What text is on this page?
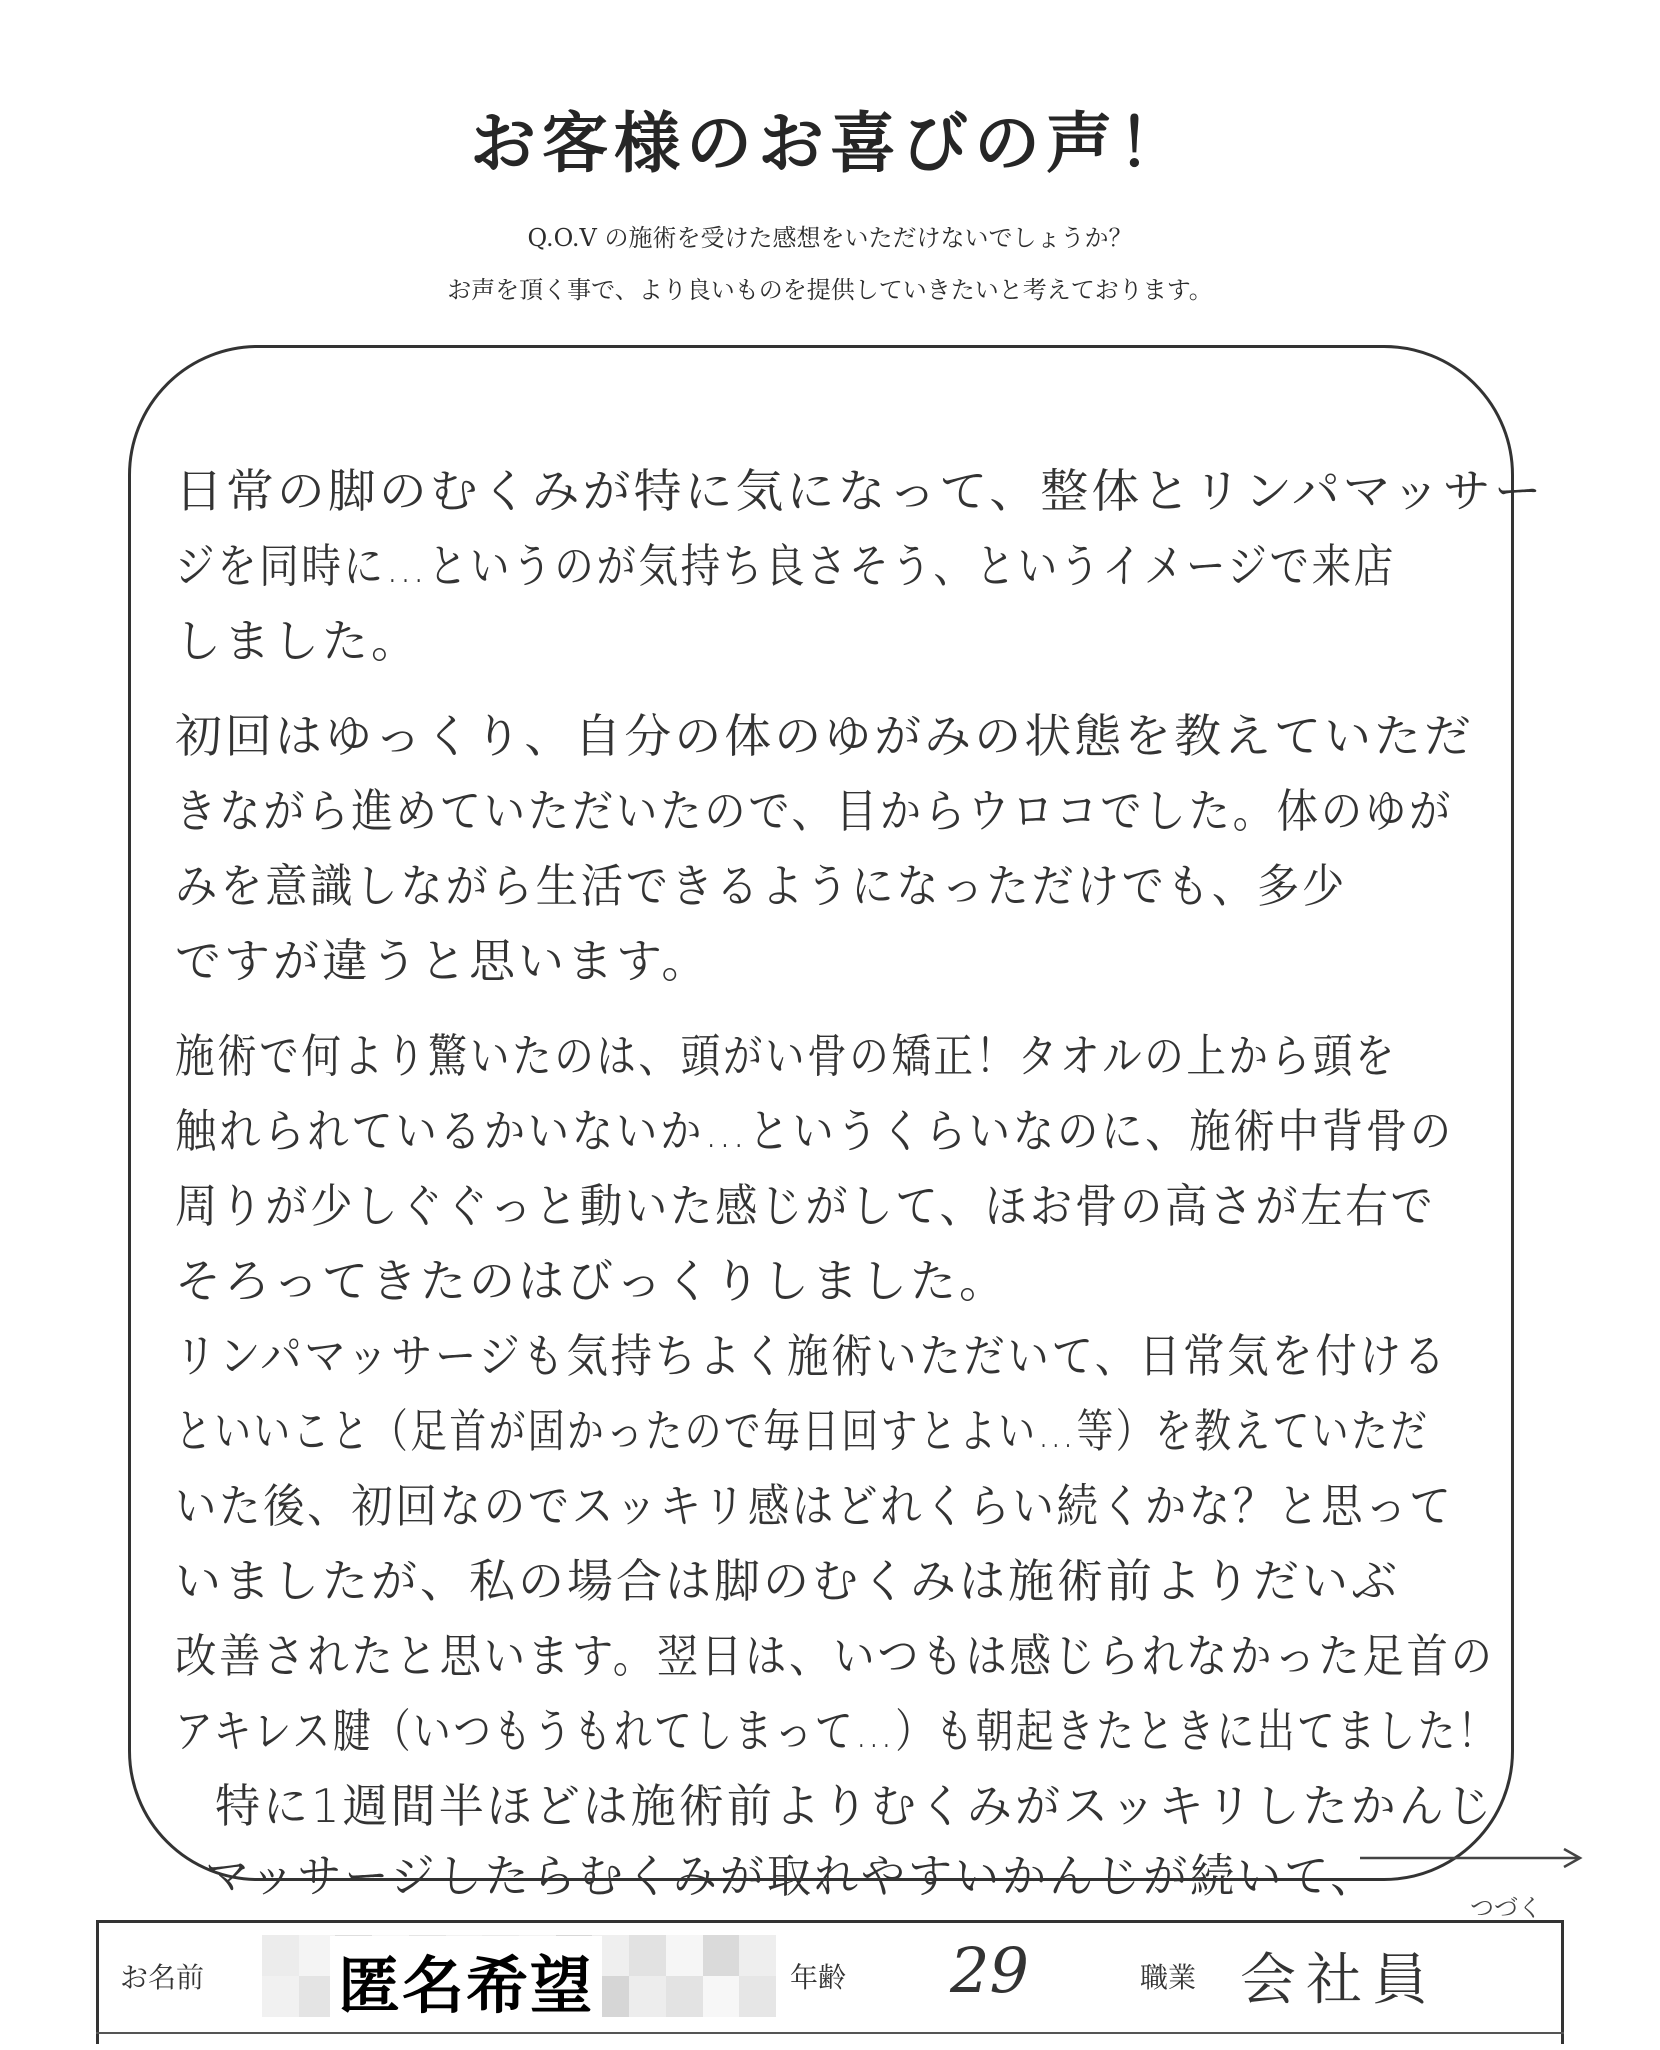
お客様のお喜びの声！

Q.O.V の施術を受けた感想をいただけないでしょうか？

お声を頂く事で、より良いものを提供していきたいと考えております。

日常の脚のむくみが特に気になって、整体とリンパマッサー
ジを同時に…というのが気持ち良さそう、というイメージで来店
しました。
初回はゆっくり、自分の体のゆがみの状態を教えていただ
きながら進めていただいたので、目からウロコでした。体のゆが
みを意識しながら生活できるようになっただけでも、多少
ですが違うと思います。
施術で何より驚いたのは、頭がい骨の矯正！タオルの上から頭を
触れられているかいないか…というくらいなのに、施術中背骨の
周りが少しぐぐっと動いた感じがして、ほお骨の高さが左右で
そろってきたのはびっくりしました。
リンパマッサージも気持ちよく施術いただいて、日常気を付ける
といいこと（足首が固かったので毎日回すとよい…等）を教えていただ
いた後、初回なのでスッキリ感はどれくらい続くかな？と思って
いましたが、私の場合は脚のむくみは施術前よりだいぶ
改善されたと思います。翌日は、いつもは感じられなかった足首の
アキレス腱（いつもうもれてしまって…）も朝起きたときに出てました！
特に1週間半ほどは施術前よりむくみがスッキリしたかんじ
マッサージしたらむくみが取れやすいかんじが続いて、
つづく
お名前 匿名希望	年齢 29	職業 会社員
